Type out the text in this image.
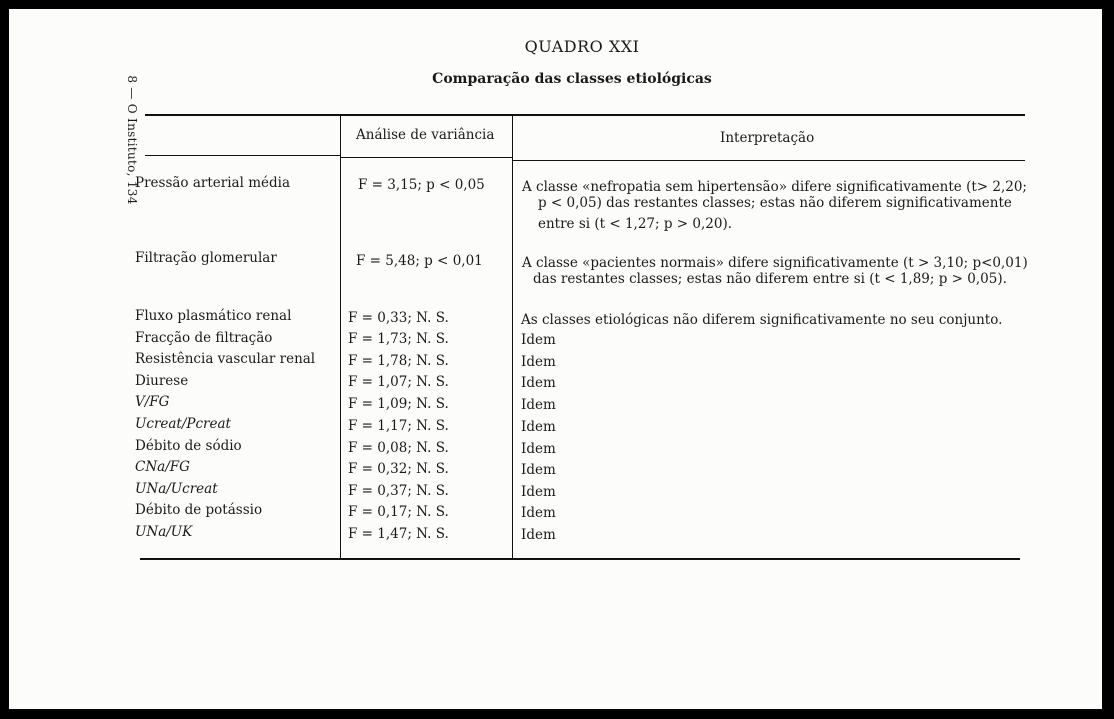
QUADRO XXI
Comparação das classes etiológicas
8 — O Instituto, 134	Análise de variância	Interpretação
Pressão arterial média	F = 3,15; p < 0,05	A classe «nefropatia sem hipertensão» difere significativamente (t> 2,20;
p < 0,05) das restantes classes; estas não diferem significativamente entre si (t < 1,27; p > 0,20).
Filtração glomerular	F = 5,48; p < 0,01	A classe «pacientes normais» difere significativamente (t > 3,10; p<0,01)
das restantes classes; estas não diferem entre si (t < 1,89; p > 0,05).
Fluxo plasmático renal	F = 0,33; N. S.	As classes etiológicas não diferem significativamente no seu conjunto.
Fracção de filtração	F = 1,73; N. S.	Idem
Resistência vascular renal F = 1,78; N. S.	Idem
Diurese	F = 1,07; N. S.	Idem
V/FG	F = 1,09; N. S.	Idem
Ucreat/Pcreat	F = 1,17; N. S.	Idem
Débito de sódio	F = 0,08; N. S.	Idem
CNa/FG	F = 0,32; N. S.	Idem
UNa/Ucreat	F = 0,37; N. S.	Idem
Débito de potássio	F = 0,17; N. S.	Idem
UNa/UK	F = 1,47; N. S.	Idem
